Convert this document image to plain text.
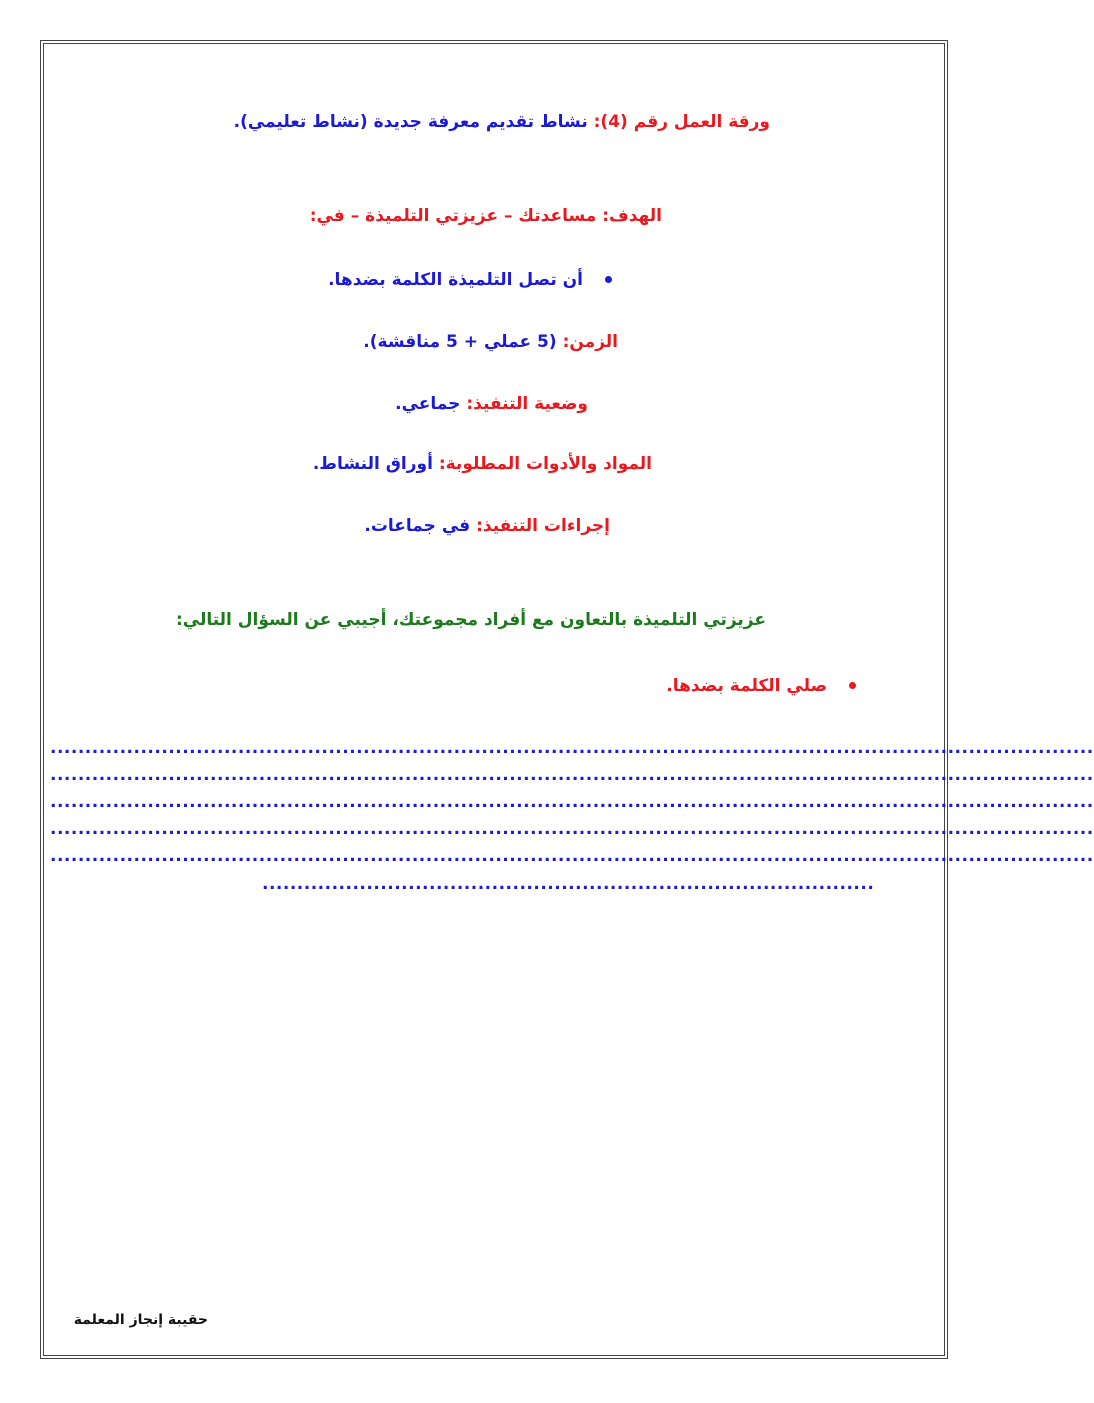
ورقة العمل رقم (4): نشاط تقديم معرفة جديدة (نشاط تعليمي).
الهدف: مساعدتك – عزيزتي التلميذة – في:
أن تصل التلميذة الكلمة بضدها.
الزمن: (5 عملي + 5 مناقشة).
وضعية التنفيذ: جماعي.
المواد والأدوات المطلوبة: أوراق النشاط.
إجراءات التنفيذ: في جماعات.
عزيزتي التلميذة بالتعاون مع أفراد مجموعتك، أجيبي عن السؤال التالي:
صلي الكلمة بضدها.
......................................................................................................................................................
......................................................................................................................................................
......................................................................................................................................................
......................................................................................................................................................
......................................................................................................................................................
........................................................................................
حقيبة إنجاز المعلمة
